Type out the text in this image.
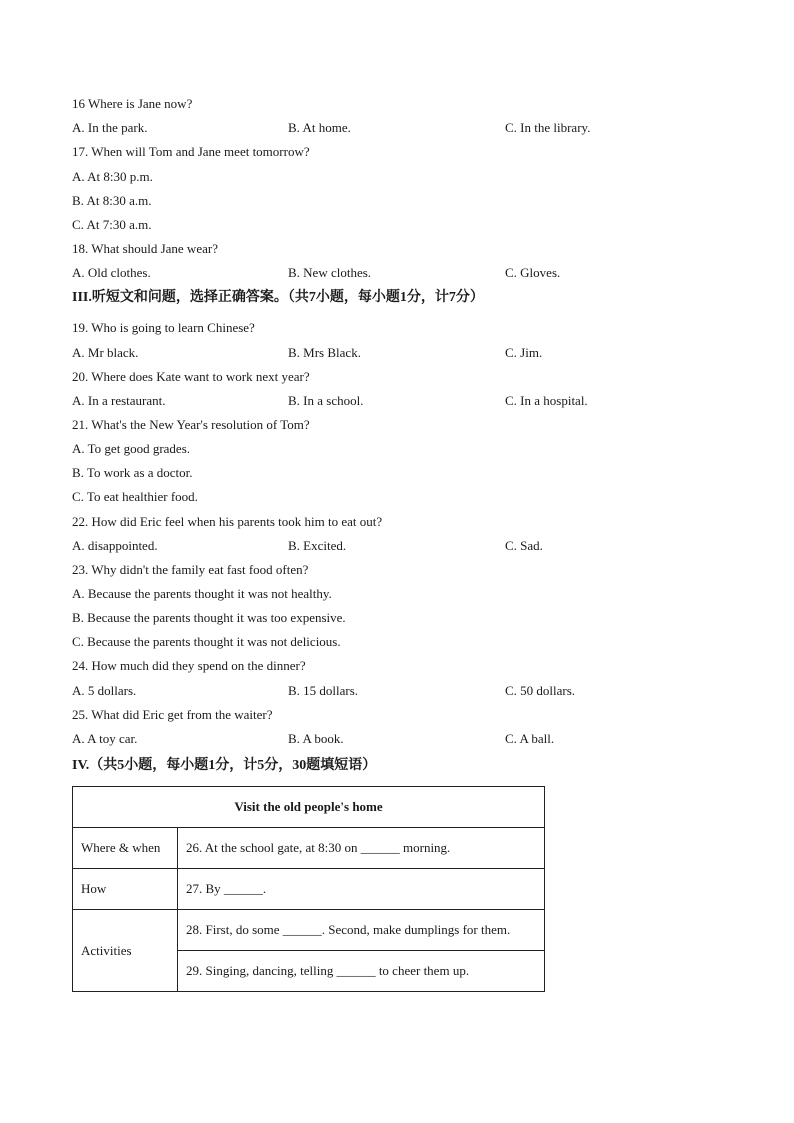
16 Where is Jane now?
A. In the park.	B. At home.	C. In the library.
17. When will Tom and Jane meet tomorrow?
A. At 8:30 p.m.
B. At 8:30 a.m.
C. At 7:30 a.m.
18. What should Jane wear?
A. Old clothes.	B. New clothes.	C. Gloves.
III.听短文和问题，选择正确答案。（共7小题，每小题1分，计7分）
19. Who is going to learn Chinese?
A. Mr black.	B. Mrs Black.	C. Jim.
20. Where does Kate want to work next year?
A. In a restaurant.	B. In a school.	C. In a hospital.
21. What's the New Year's resolution of Tom?
A. To get good grades.
B. To work as a doctor.
C. To eat healthier food.
22. How did Eric feel when his parents took him to eat out?
A. disappointed.	B. Excited.	C. Sad.
23. Why didn't the family eat fast food often?
A. Because the parents thought it was not healthy.
B. Because the parents thought it was too expensive.
C. Because the parents thought it was not delicious.
24. How much did they spend on the dinner?
A. 5 dollars.	B. 15 dollars.	C. 50 dollars.
25. What did Eric get from the waiter?
A. A toy car.	B. A book.	C. A ball.
IV.（共5小题，每小题1分，计5分，30题填短语）
Visit the old people's home	
Where & when	26. At the school gate, at 8:30 on ______ morning.
How	27. By ______.
Activities	28. First, do some ______. Second, make dumplings for them.
	29. Singing, dancing, telling ______ to cheer them up.
